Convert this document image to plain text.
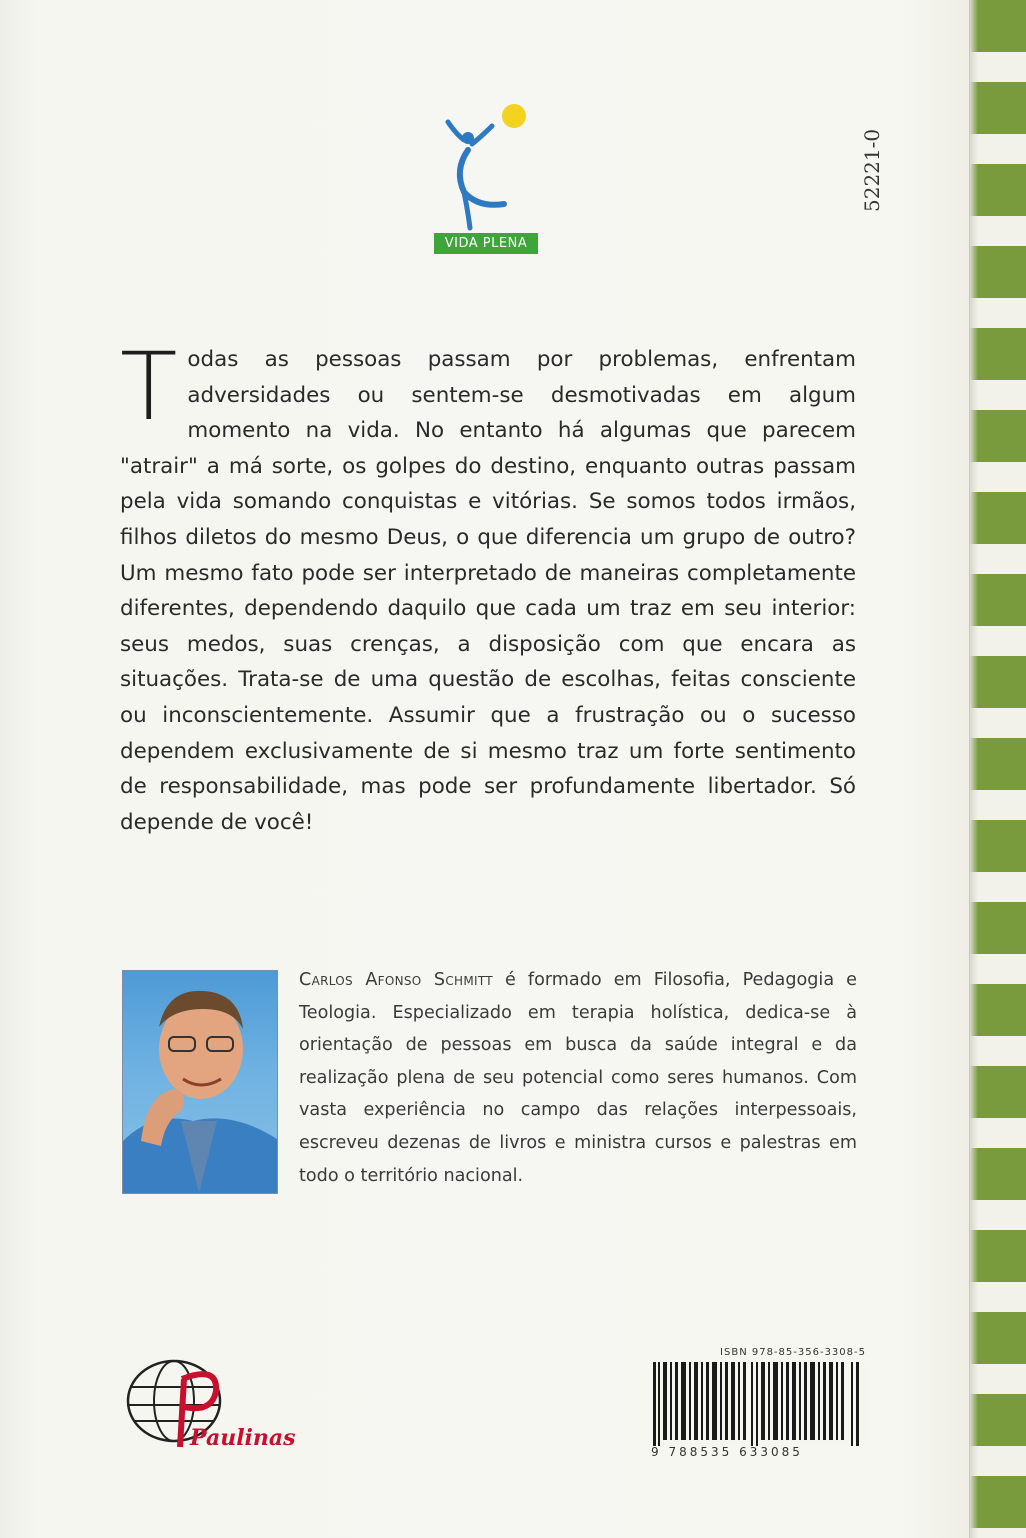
VIDA PLENA
52221-0
T odas as pessoas passam por problemas, enfrentam adversidades ou sentem-se desmotivadas em algum momento na vida. No entanto há algumas que parecem "atrair" a má sorte, os golpes do destino, enquanto outras passam pela vida somando conquistas e vitórias. Se somos todos irmãos, filhos diletos do mesmo Deus, o que diferencia um grupo de outro? Um mesmo fato pode ser interpretado de maneiras completamente diferentes, dependendo daquilo que cada um traz em seu interior: seus medos, suas crenças, a disposição com que encara as situações. Trata-se de uma questão de escolhas, feitas consciente ou inconscientemente. Assumir que a frustração ou o sucesso dependem exclusivamente de si mesmo traz um forte sentimento de responsabilidade, mas pode ser profundamente libertador. Só depende de você!
Carlos Afonso Schmitt é formado em Filosofia, Pedagogia e Teologia. Especializado em terapia holística, dedica-se à orientação de pessoas em busca da saúde integral e da realização plena de seu potencial como seres humanos. Com vasta experiência no campo das relações interpessoais, escreveu dezenas de livros e ministra cursos e palestras em todo o território nacional.
Paulinas
ISBN 978-85-356-3308-5
9 788535 633085
